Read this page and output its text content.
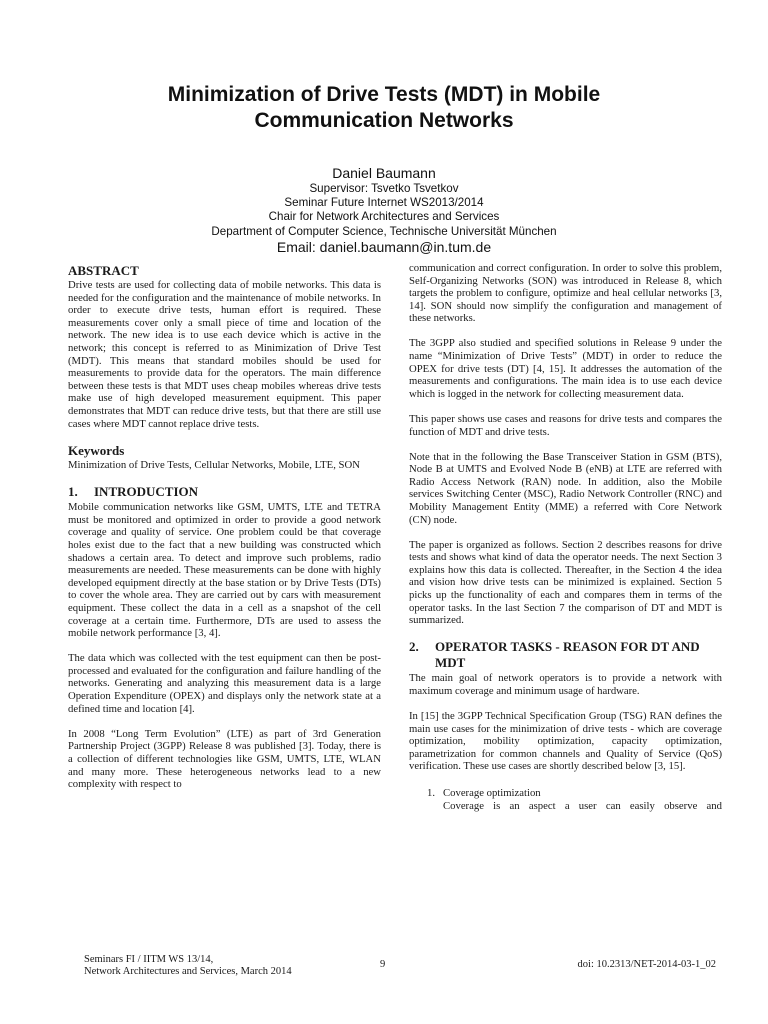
Minimization of Drive Tests (MDT) in Mobile
Communication Networks
Daniel Baumann
Supervisor: Tsvetko Tsvetkov
Seminar Future Internet WS2013/2014
Chair for Network Architectures and Services
Department of Computer Science, Technische Universität München
Email: daniel.baumann@in.tum.de
ABSTRACT

Drive tests are used for collecting data of mobile networks. This data is needed for the configuration and the maintenance of mobile networks. In order to execute drive tests, human effort is required. These measurements cover only a small piece of time and location of the network. The new idea is to use each device which is active in the network; this concept is referred to as Minimization of Drive Test (MDT). This means that standard mobiles should be used for measurements to provide data for the operators. The main difference between these tests is that MDT uses cheap mobiles whereas drive tests make use of high developed measurement equipment. This paper demonstrates that MDT can reduce drive tests, but that there are still use cases where MDT cannot replace drive tests.

Keywords

Minimization of Drive Tests, Cellular Networks, Mobile, LTE, SON

1.	INTRODUCTION

Mobile communication networks like GSM, UMTS, LTE and TETRA must be monitored and optimized in order to provide a good network coverage and quality of service. One problem could be that coverage holes exist due to the fact that a new building was constructed which shadows a certain area. To detect and improve such problems, radio measurements are needed. These measurements can be done with highly developed equipment directly at the base station or by Drive Tests (DTs) to cover the whole area. They are carried out by cars with measurement equipment. These collect the data in a cell as a snapshot of the cell coverage at a certain time. Furthermore, DTs are used to assess the mobile network performance [3, 4].

The data which was collected with the test equipment can then be post-processed and evaluated for the configuration and failure handling of the networks. Generating and analyzing this measurement data is a large Operation Expenditure (OPEX) and displays only the network state at a defined time and location [4].

In 2008 “Long Term Evolution” (LTE) as part of 3rd Generation Partnership Project (3GPP) Release 8 was published [3]. Today, there is a collection of different technologies like GSM, UMTS, LTE, WLAN and many more. These heterogeneous networks lead to a new complexity with respect to

communication and correct configuration. In order to solve this problem, Self-Organizing Networks (SON) was introduced in Release 8, which targets the problem to configure, optimize and heal cellular networks [3, 14]. SON should now simplify the configuration and management of these networks.

The 3GPP also studied and specified solutions in Release 9 under the name “Minimization of Drive Tests” (MDT) in order to reduce the OPEX for drive tests (DT) [4, 15]. It addresses the automation of the measurements and configurations. The main idea is to use each device which is logged in the network for collecting measurement data.

This paper shows use cases and reasons for drive tests and compares the function of MDT and drive tests.

Note that in the following the Base Transceiver Station in GSM (BTS), Node B at UMTS and Evolved Node B (eNB) at LTE are referred with Radio Access Network (RAN) node. In addition, also the Mobile services Switching Center (MSC), Radio Network Controller (RNC) and Mobility Management Entity (MME) a referred with Core Network (CN) node.

The paper is organized as follows. Section 2 describes reasons for drive tests and shows what kind of data the operator needs. The next Section 3 explains how this data is collected. Thereafter, in the Section 4 the idea and vision how drive tests can be minimized is explained. Section 5 picks up the functionality of each and compares them in terms of the operator tasks. In the last Section 7 the comparison of DT and MDT is summarized.

2.	OPERATOR TASKS - REASON FOR DT AND MDT

The main goal of network operators is to provide a network with maximum coverage and minimum usage of hardware.

In [15] the 3GPP Technical Specification Group (TSG) RAN defines the main use cases for the minimization of drive tests - which are coverage optimization, mobility optimization, capacity optimization, parametrization for common channels and Quality of Service (QoS) verification. These use cases are shortly described below [3, 15].

1. Coverage optimization
Coverage is an aspect a user can easily observe and
Seminars FI / IITM WS 13/14,
Network Architectures and Services, March 2014
9	doi: 10.2313/NET-2014-03-1_02
